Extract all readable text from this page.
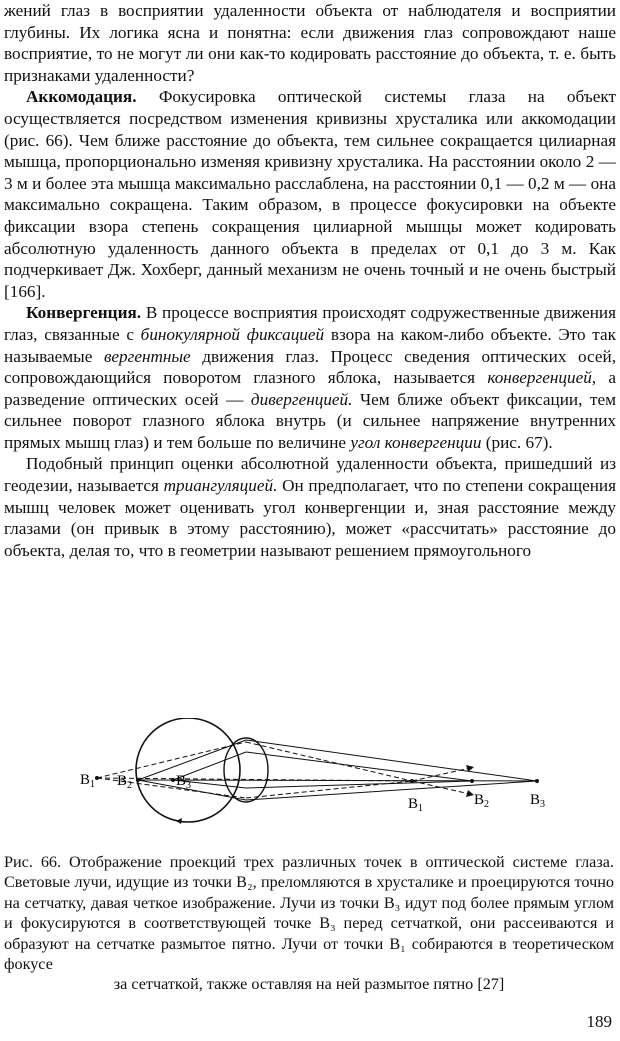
жений глаз в восприятии удаленности объекта от наблюдателя и восприятии глубины. Их логика ясна и понятна: если движения глаз сопровождают наше восприятие, то не могут ли они как-то кодировать расстояние до объекта, т. е. быть признаками удаленности?

Аккомодация. Фокусировка оптической системы глаза на объект осуществляется посредством изменения кривизны хрусталика или аккомодации (рис. 66). Чем ближе расстояние до объекта, тем сильнее сокращается цилиарная мышца, пропорционально изменяя кривизну хрусталика. На расстоянии около 2 — 3 м и более эта мышца максимально расслаблена, на расстоянии 0,1 — 0,2 м — она максимально сокращена. Таким образом, в процессе фокусировки на объекте фиксации взора степень сокращения цилиарной мышцы может кодировать абсолютную удаленность данного объекта в пределах от 0,1 до 3 м. Как подчеркивает Дж. Хохберг, данный механизм не очень точный и не очень быстрый [166].

Конвергенция. В процессе восприятия происходят содружественные движения глаз, связанные с бинокулярной фиксацией взора на каком-либо объекте. Это так называемые вергентные движения глаз. Процесс сведения оптических осей, сопровождающийся поворотом глазного яблока, называется конвергенцией, а разведение оптических осей — дивергенцией. Чем ближе объект фиксации, тем сильнее поворот глазного яблока внутрь (и сильнее напряжение внутренних прямых мышц глаз) и тем больше по величине угол конвергенции (рис. 67).

Подобный принцип оценки абсолютной удаленности объекта, пришедший из геодезии, называется триангуляцией. Он предполагает, что по степени сокращения мышц человек может оценивать угол конвергенции и, зная расстояние между глазами (он привык в этому расстоянию), может «рассчитать» расстояние до объекта, делая то, что в геометрии называют решением прямоугольного

$B_1$ $B_2$	$B_3$
$B_1$
$B_2$	$B_3$
Рис. 66. Отображение проекций трех различных точек в оптической системе глаза. Световые лучи, идущие из точки B₂, преломляются в хрусталике и проецируются точно на сетчатку, давая четкое изображение. Лучи из точки B₃ идут под более прямым углом и фокусируются в соответствующей точке B₃ перед сетчаткой, они рассеиваются и образуют на сетчатке размытое пятно. Лучи от точки B₁ собираются в теоретическом фокусе
за сетчаткой, также оставляя на ней размытое пятно [27]
189
